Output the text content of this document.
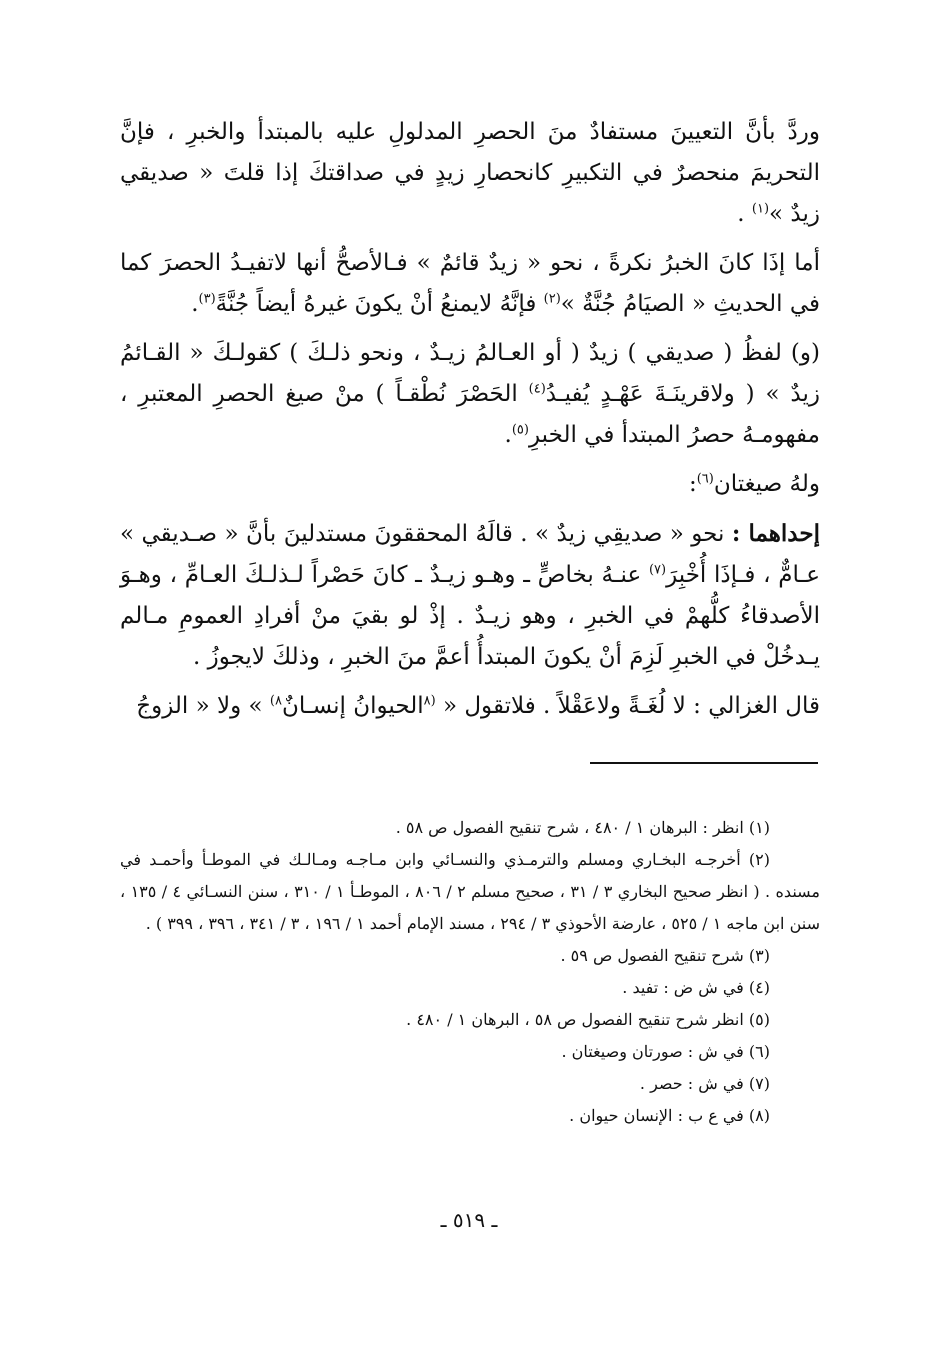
وردَّ بأنَّ التعيينَ مستفادٌ منَ الحصرِ المدلولِ عليه بالمبتدأ والخبرِ ، فإنَّ التحريمَ منحصرٌ في التكبيرِ كانحصارِ زيدٍ في صداقتكَ إذا قلتَ « صديقي زيدٌ »$^{(١)}$ .

أما إذَا كانَ الخبرُ نكرةً ، نحو « زيدٌ قائمٌ » فـالأصحُّ أنها لاتفيـدُ الحصرَ كما في الحديثِ « الصيَامُ جُنَّةٌ »$^{(٢)}$ فإنَّهُ لايمنعُ أنْ يكونَ غيرهُ أيضاً جُنَّةً$^{(٣)}$.

(و) لفظُ ( صديقي ) زيدٌ ( أو العـالمُ زيـدٌ ، ونحو ذلـكَ ) كقولـكَ « القـائمُ زيدٌ » ( ولاقرينَـةَ عَهْـدٍ يُفيـدُ$^{(٤)}$ الحَصْرَ نُطْقـاً ) منْ صيغ الحصرِ المعتبرِ ، مفهومـهُ حصرُ المبتدأ في الخبرِ$^{(٥)}$.

ولهُ صيغتان$^{(٦)}$:

إحداهما : نحو « صديقِي زيدٌ » . قالَهُ المحققونَ مستدلينَ بأنَّ « صـديقي » عـامٌّ ، فـإذَا أُخْبِرَ$^{(٧)}$ عنـهُ بخاصٍّ ـ وهـو زيـدٌ ـ كانَ حَصْراً لـذلـكَ العـامِّ ، وهـوَ الأصدقاءُ كلُّهمْ في الخبرِ ، وهو زيـدٌ . إذْ لو بقيَ منْ أفرادِ العمومِ مـالم يـدخُلْ في الخبرِ لَزِمَ أنْ يكونَ المبتدأُ أعمَّ منَ الخبرِ ، وذلكَ لايجوزُ .

قال الغزالي : لا لُغَـةً ولاعَقْلاً . فلاتقول « $^{(٨}$الحيوانُ إنسـانٌ$^{٨)}$ » ولا « الزوجُ

(١) انظر : البرهان ١ / ٤٨٠ ، شرح تنقيح الفصول ص ٥٨ .

(٢) أخرجـه البخـاري ومسلم والترمـذي والنسـائي وابن مـاجـه ومـالـك في الموطـأ وأحمـد في مسنده . ( انظر صحيح البخاري ٣ / ٣١ ، صحيح مسلم ٢ / ٨٠٦ ، الموطـأ ١ / ٣١٠ ، سنن النسـائي ٤ / ١٣٥ ، سنن ابن ماجه ١ / ٥٢٥ ، عارضة الأحوذي ٣ / ٢٩٤ ، مسند الإمام أحمد ١ / ١٩٦ ، ٣ / ٣٤١ ، ٣٩٦ ، ٣٩٩ ) .

(٣) شرح تنقيح الفصول ص ٥٩ .

(٤) في ش ض : تفيد .

(٥) انظر شرح تنقيح الفصول ص ٥٨ ، البرهان ١ / ٤٨٠ .

(٦) في ش : صورتان وصيغتان .

(٧) في ش : حصر .

(٨) في ع ب : الإنسان حيوان .

ـ ٥١٩ ـ
